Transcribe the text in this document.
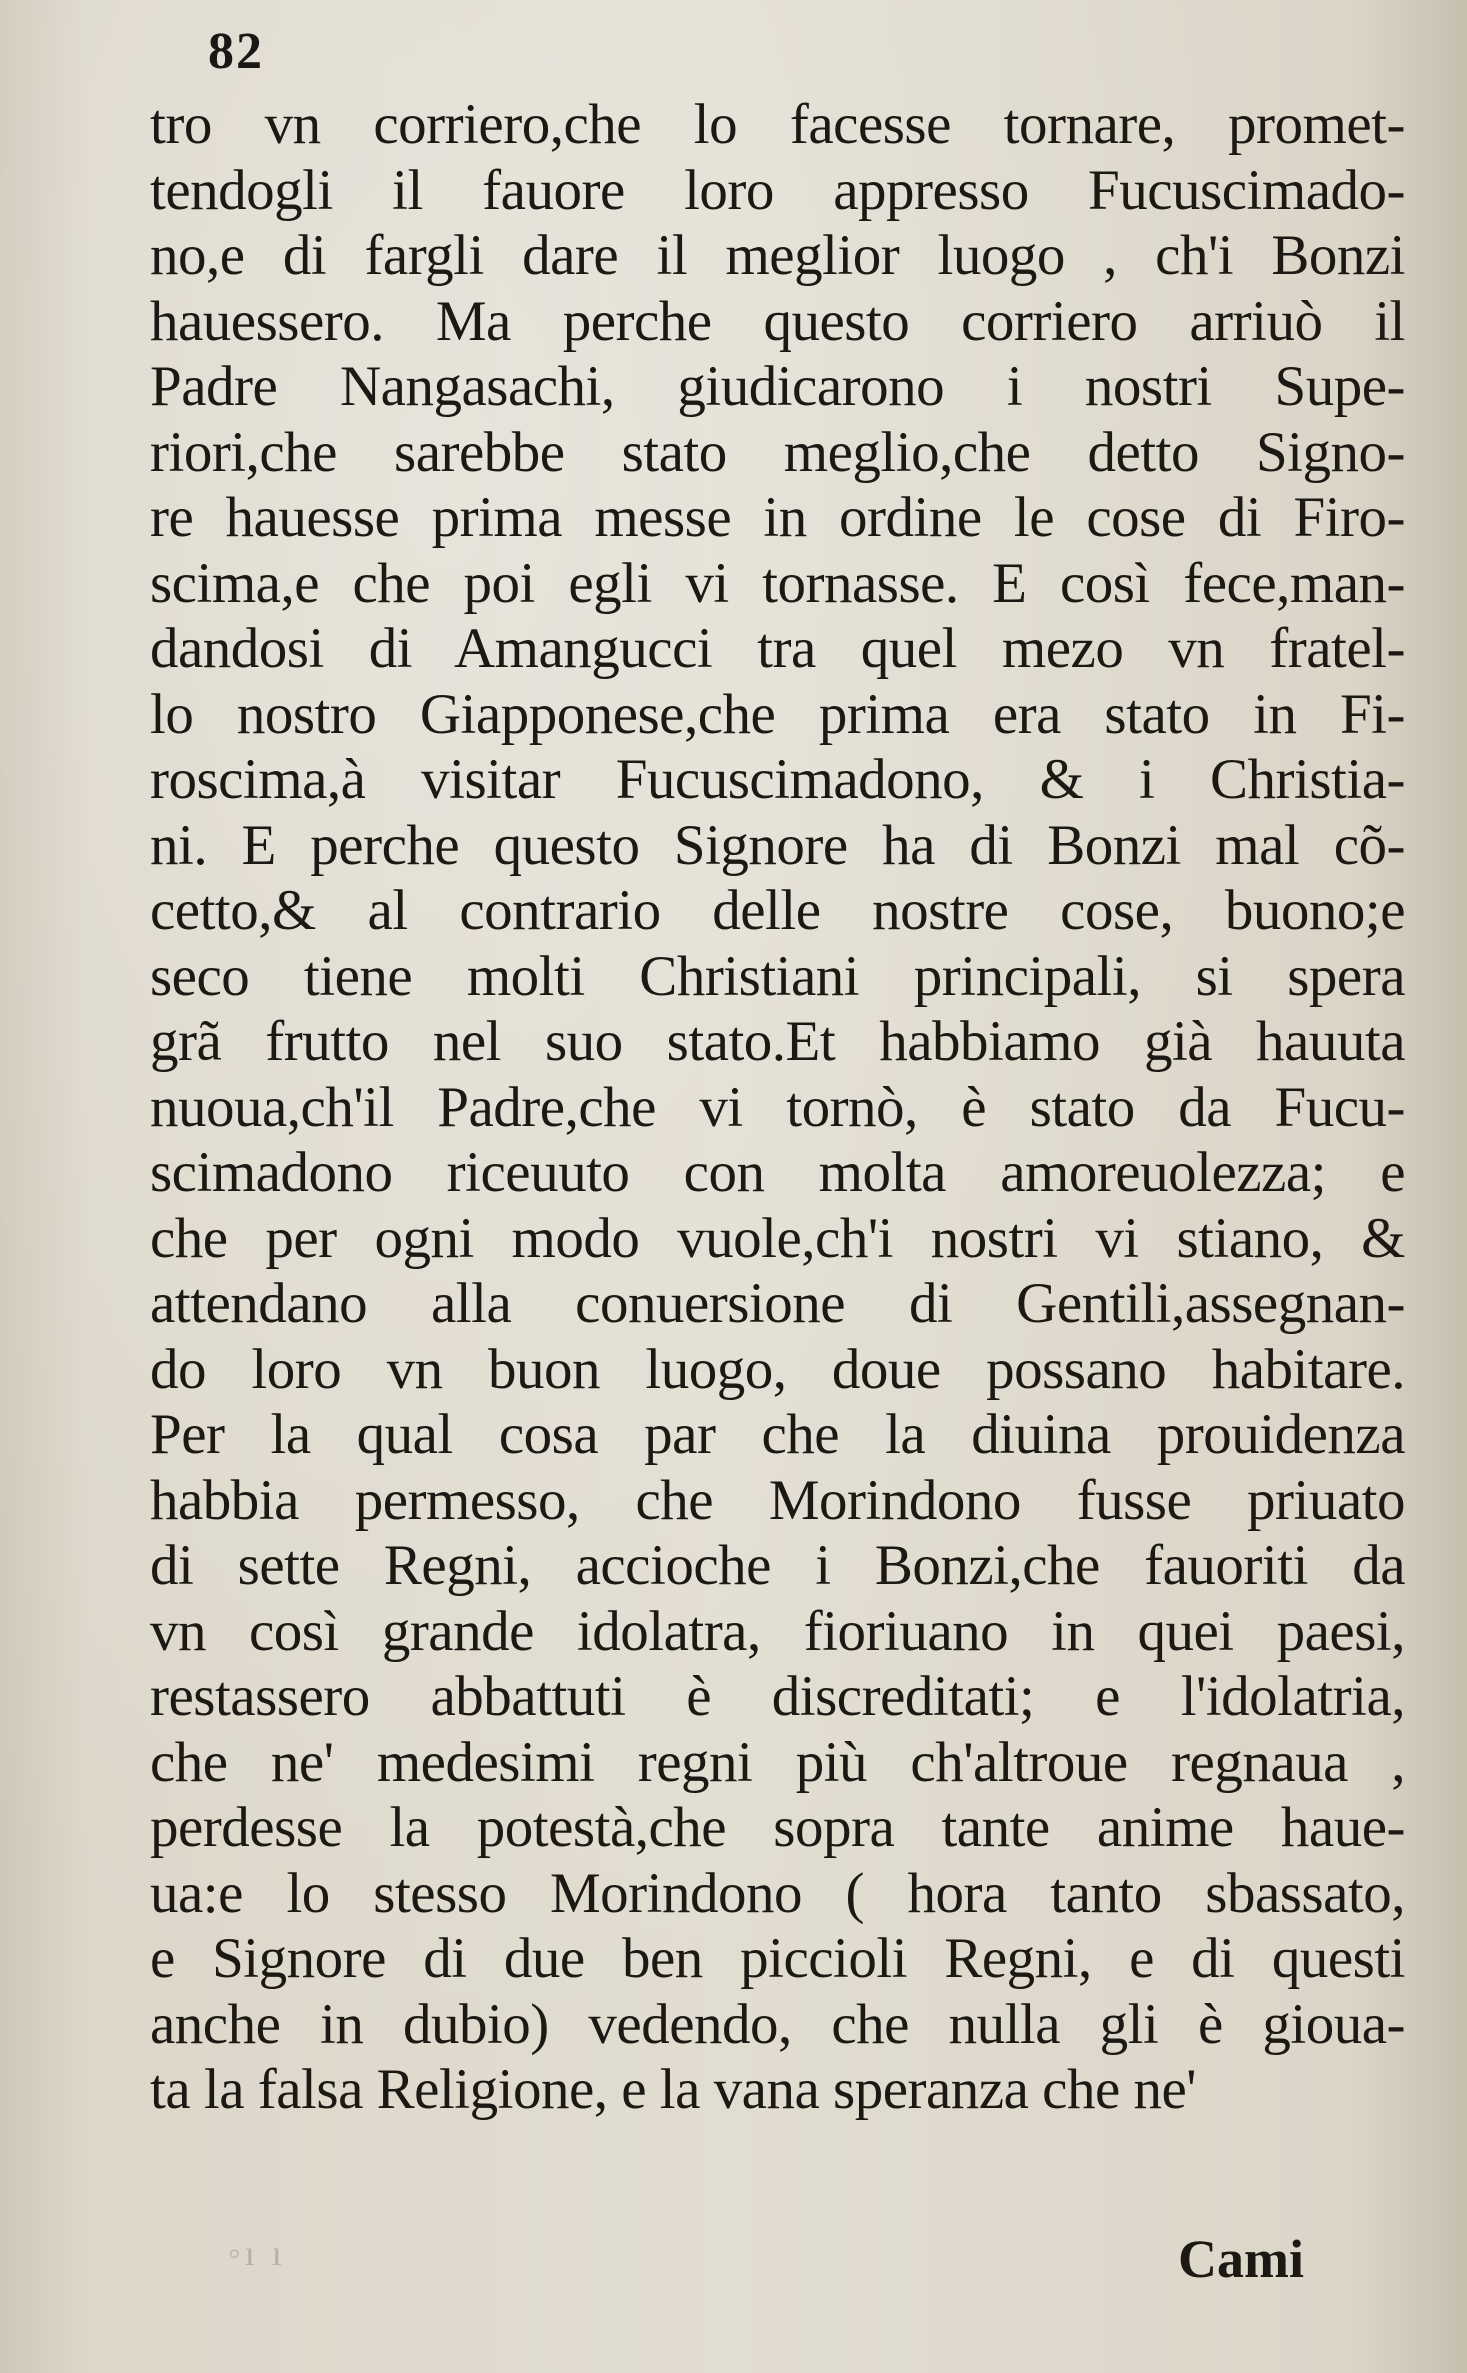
82
◦ı ı
tro vn corriero,che lo facesse tornare, promet-
tendogli il fauore loro appresso Fucuscimado-
no,e di fargli dare il meglior luogo , ch'i Bonzi
hauessero. Ma perche questo corriero arriuò il
Padre Nangasachi, giudicarono i nostri Supe-
riori,che sarebbe stato meglio,che detto Signo-
re hauesse prima messe in ordine le cose di Firo-
scima,e che poi egli vi tornasse. E così fece,man-
dandosi di Amangucci tra quel mezo vn fratel-
lo nostro Giapponese,che prima era stato in Fi-
roscima,à visitar Fucuscimadono, & i Christia-
ni. E perche questo Signore ha di Bonzi mal cõ-
cetto,& al contrario delle nostre cose, buono;e
seco tiene molti Christiani principali, si spera
grã frutto nel suo stato.Et habbiamo già hauuta
nuoua,ch'il Padre,che vi tornò, è stato da Fucu-
scimadono riceuuto con molta amoreuolezza; e
che per ogni modo vuole,ch'i nostri vi stiano, &
attendano alla conuersione di Gentili,assegnan-
do loro vn buon luogo, doue possano habitare.
Per la qual cosa par che la diuina prouidenza
habbia permesso, che Morindono fusse priuato
di sette Regni, accioche i Bonzi,che fauoriti da
vn così grande idolatra, fioriuano in quei paesi,
restassero abbattuti è discreditati; e l'idolatria,
che ne' medesimi regni più ch'altroue regnaua ,
perdesse la potestà,che sopra tante anime haue-
ua:e lo stesso Morindono ( hora tanto sbassato,
e Signore di due ben piccioli Regni, e di questi
anche in dubio) vedendo, che nulla gli è gioua-
ta la falsa Religione, e la vana speranza che ne'
Cami
